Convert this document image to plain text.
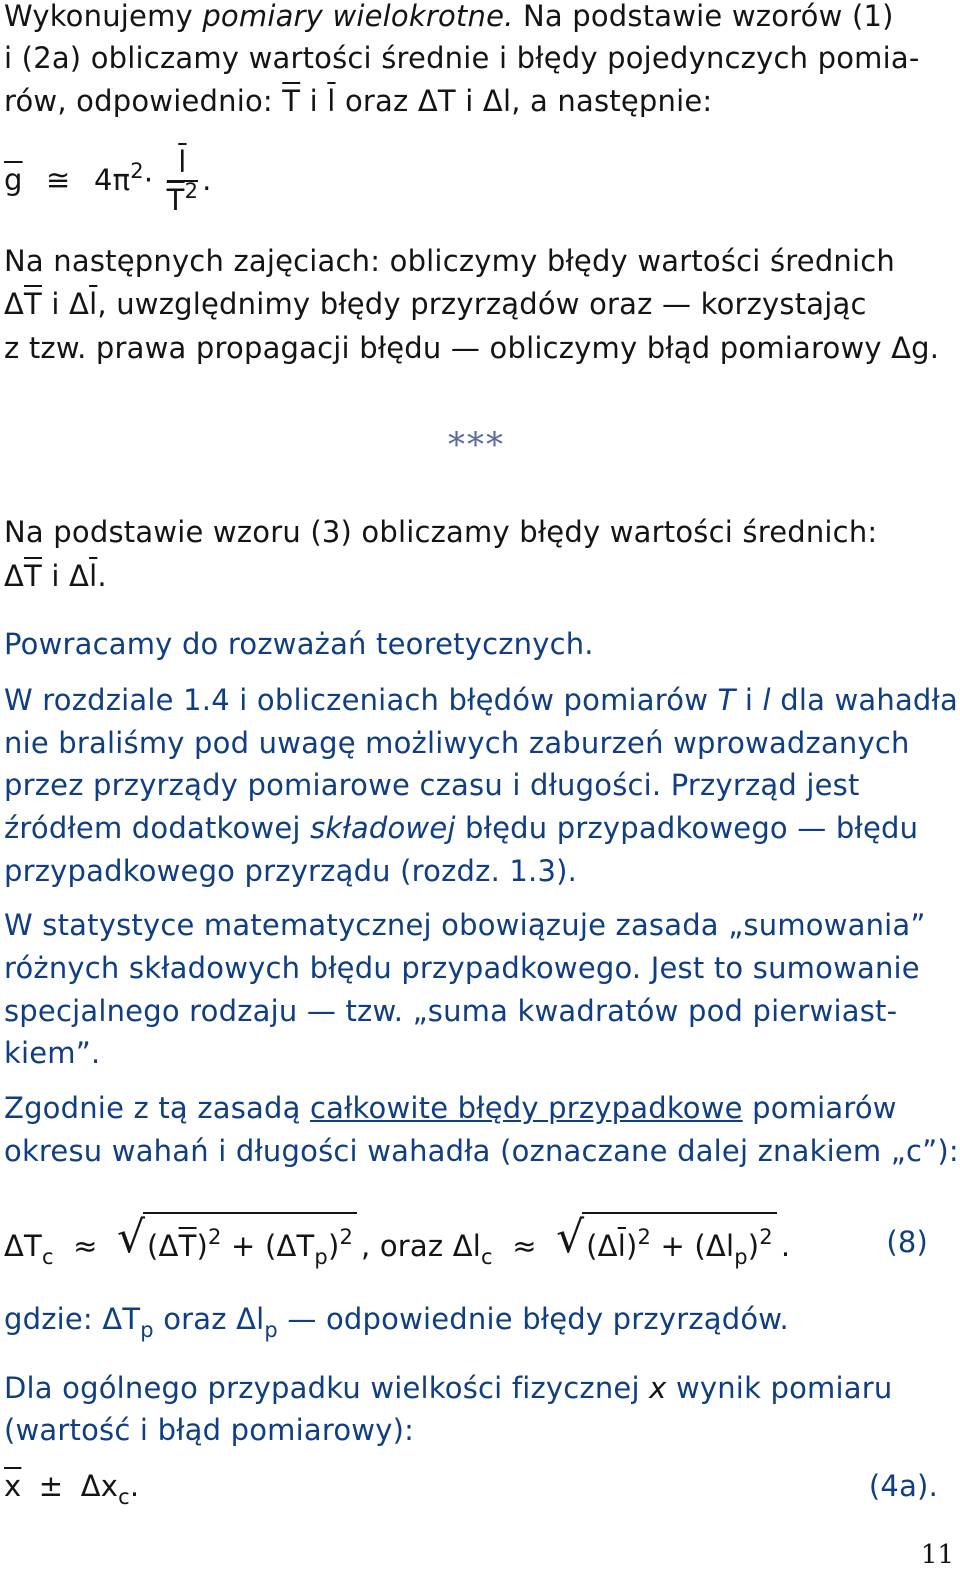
Wykonujemy pomiary wielokrotne. Na podstawie wzorów (1)
i (2a) obliczamy wartości średnie i błędy pojedynczych pomia-
rów, odpowiednio: $\overline{T}$ i $\overline{l}$ oraz ΔT i Δl, a następnie:
$\overline{g}$ ≅ $4\pi^2\cdot \frac{\overline{l}}{\overline{T}^2}$ .
Na następnych zajęciach: obliczymy błędy wartości średnich
$\Delta\overline{T}$ i $\Delta\overline{l}$, uwzględnimy błędy przyrządów oraz — korzystając
z tzw. prawa propagacji błędu — obliczymy błąd pomiarowy Δg.
***
Na podstawie wzoru (3) obliczamy błędy wartości średnich:
$\Delta\overline{T}$ i $\Delta\overline{l}$.
Powracamy do rozważań teoretycznych.
W rozdziale 1.4 i obliczeniach błędów pomiarów T i l dla wahadła
nie braliśmy pod uwagę możliwych zaburzeń wprowadzanych
przez przyrządy pomiarowe czasu i długości. Przyrząd jest
źródłem dodatkowej składowej błędu przypadkowego — błędu
przypadkowego przyrządu (rozdz. 1.3).
W statystyce matematycznej obowiązuje zasada „sumowania”
różnych składowych błędu przypadkowego. Jest to sumowanie
specjalnego rodzaju — tzw. „suma kwadratów pod pierwiast-
kiem”.
Zgodnie z tą zasadą całkowite błędy przypadkowe pomiarów
okresu wahań i długości wahadła (oznaczane dalej znakiem „c”):
$\Delta T_c$ ≈ √ $(\Delta\overline{T})^2 + (\Delta T_p)^2$ , oraz $\Delta l_c$ ≈ √ $(\Delta\overline{l})^2 + (\Delta l_p)^2$ .	(8)
gdzie: $\Delta T_p$ oraz $\Delta l_p$ — odpowiednie błędy przyrządów.
Dla ogólnego przypadku wielkości fizycznej x wynik pomiaru
(wartość i błąd pomiarowy):
$\overline{x} \pm \Delta x_c$.	(4a).
11
